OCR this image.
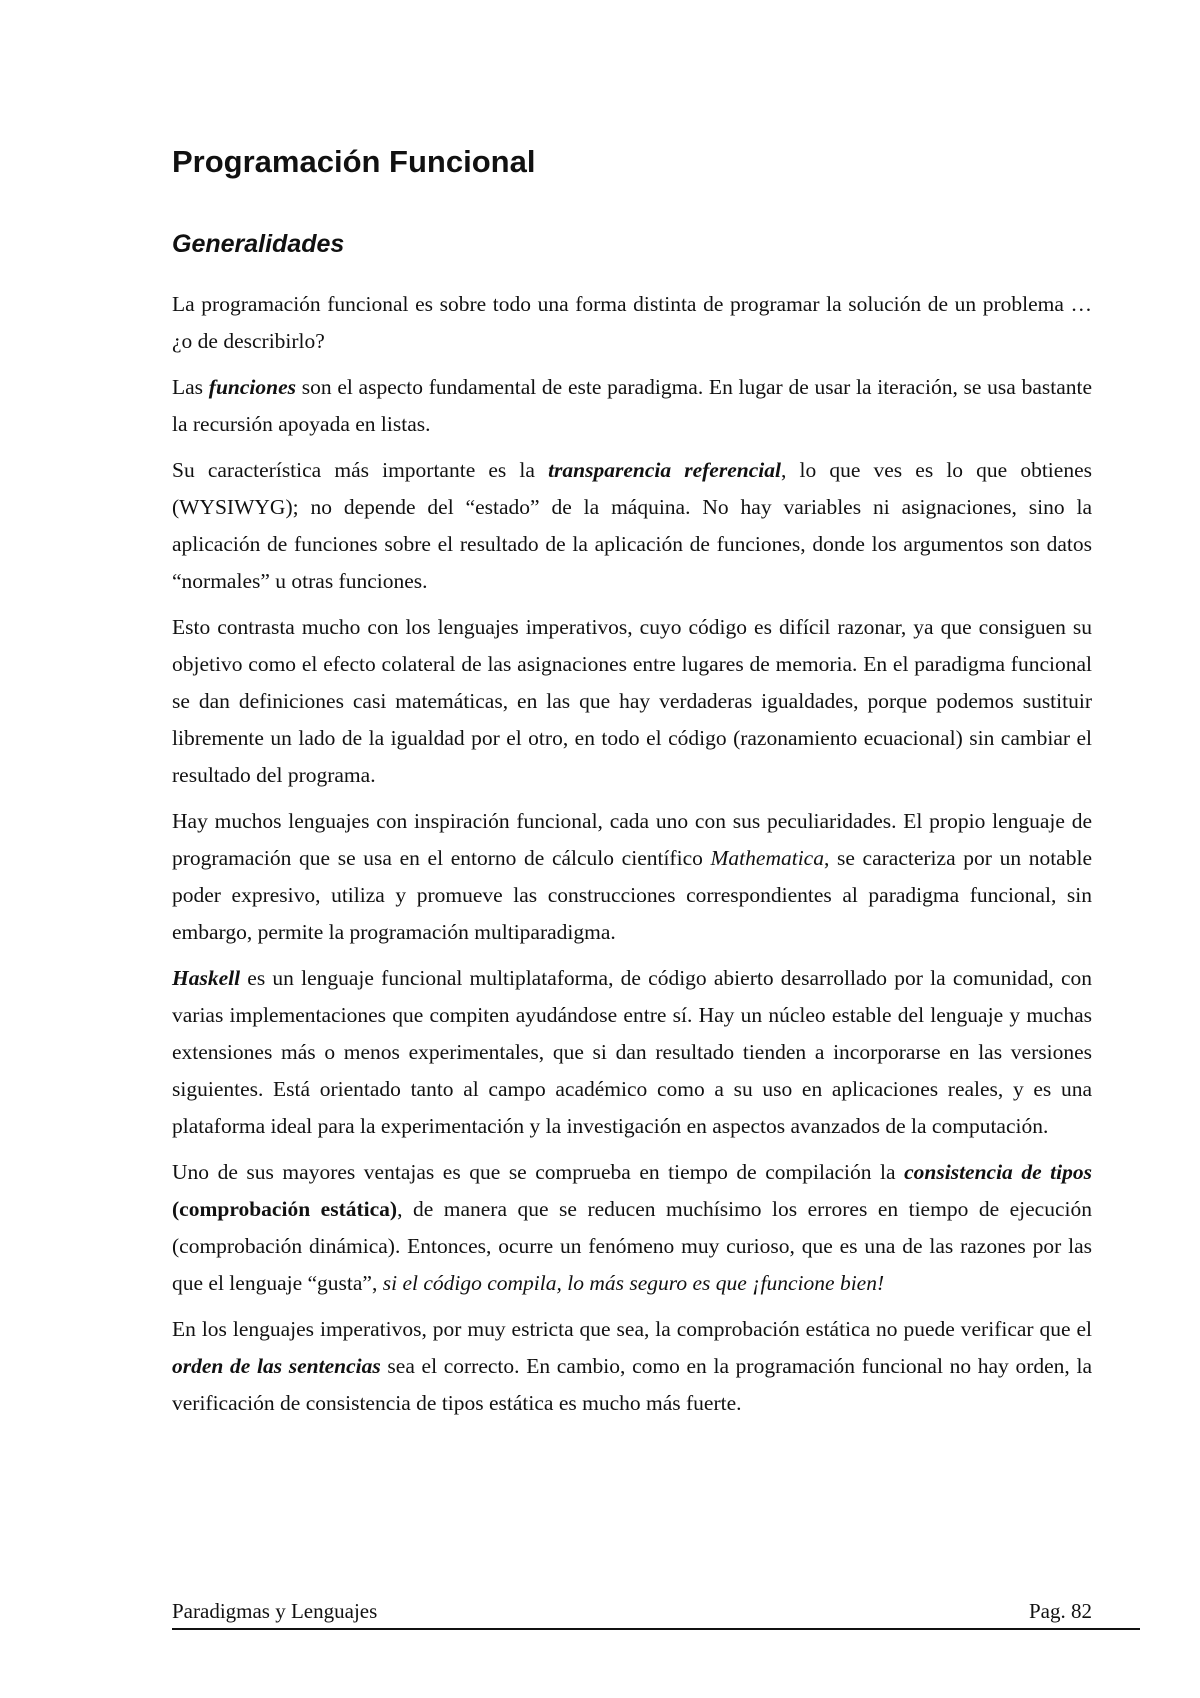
Programación Funcional
Generalidades

La programación funcional es sobre todo una forma distinta de programar la solución de un problema … ¿o de describirlo?

Las funciones son el aspecto fundamental de este paradigma. En lugar de usar la iteración, se usa bastante la recursión apoyada en listas.

Su característica más importante es la transparencia referencial, lo que ves es lo que obtienes (WYSIWYG); no depende del “estado” de la máquina. No hay variables ni asignaciones, sino la aplicación de funciones sobre el resultado de la aplicación de funciones, donde los argumentos son datos “normales” u otras funciones.

Esto contrasta mucho con los lenguajes imperativos, cuyo código es difícil razonar, ya que consiguen su objetivo como el efecto colateral de las asignaciones entre lugares de memoria. En el paradigma funcional se dan definiciones casi matemáticas, en las que hay verdaderas igualdades, porque podemos sustituir libremente un lado de la igualdad por el otro, en todo el código (razonamiento ecuacional) sin cambiar el resultado del programa.

Hay muchos lenguajes con inspiración funcional, cada uno con sus peculiaridades. El propio lenguaje de programación que se usa en el entorno de cálculo científico Mathematica, se caracteriza por un notable poder expresivo, utiliza y promueve las construcciones correspondientes al paradigma funcional, sin embargo, permite la programación multiparadigma.

Haskell es un lenguaje funcional multiplataforma, de código abierto desarrollado por la comunidad, con varias implementaciones que compiten ayudándose entre sí. Hay un núcleo estable del lenguaje y muchas extensiones más o menos experimentales, que si dan resultado tienden a incorporarse en las versiones siguientes. Está orientado tanto al campo académico como a su uso en aplicaciones reales, y es una plataforma ideal para la experimentación y la investigación en aspectos avanzados de la computación.

Uno de sus mayores ventajas es que se comprueba en tiempo de compilación la consistencia de tipos (comprobación estática), de manera que se reducen muchísimo los errores en tiempo de ejecución (comprobación dinámica). Entonces, ocurre un fenómeno muy curioso, que es una de las razones por las que el lenguaje “gusta”, si el código compila, lo más seguro es que ¡funcione bien!

En los lenguajes imperativos, por muy estricta que sea, la comprobación estática no puede verificar que el orden de las sentencias sea el correcto. En cambio, como en la programación funcional no hay orden, la verificación de consistencia de tipos estática es mucho más fuerte.

Paradigmas y Lenguajes	Pag. 82
